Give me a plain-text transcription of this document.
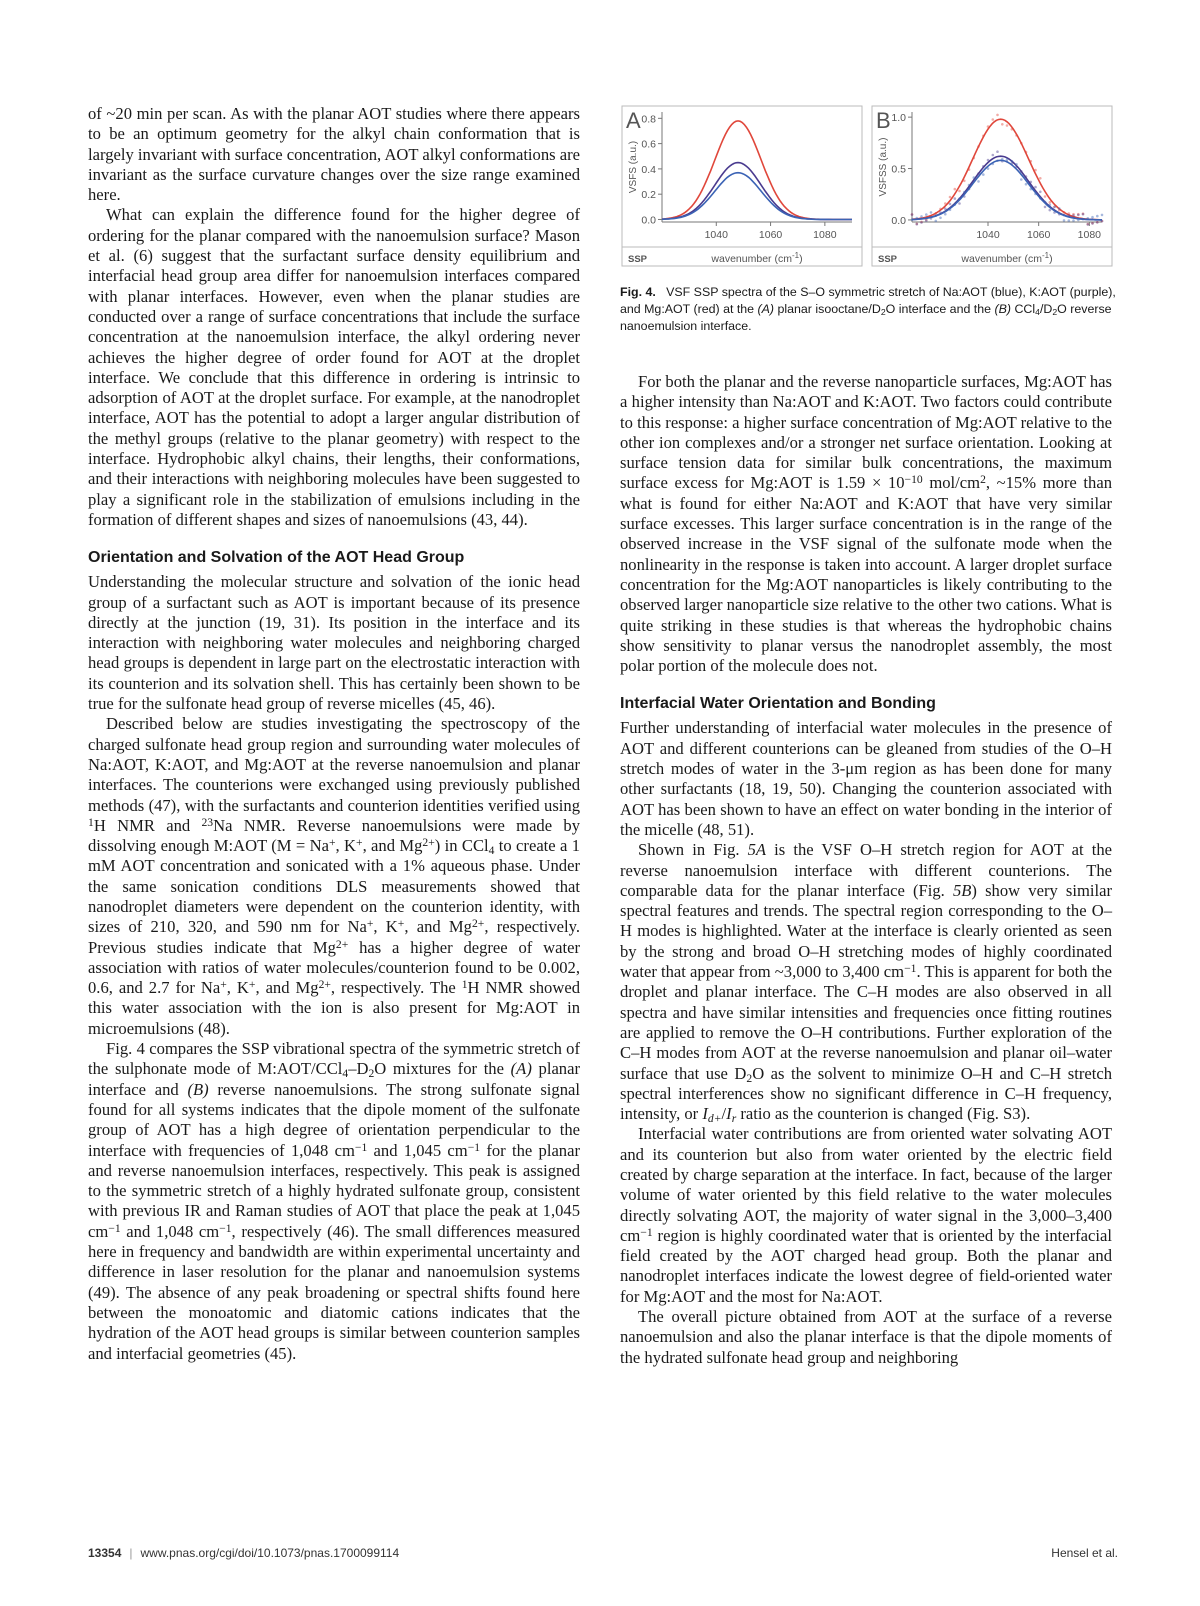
of ~20 min per scan. As with the planar AOT studies where there appears to be an optimum geometry for the alkyl chain conformation that is largely invariant with surface concentration, AOT alkyl conformations are invariant as the surface curvature changes over the size range examined here.

What can explain the difference found for the higher degree of ordering for the planar compared with the nanoemulsion surface? Mason et al. (6) suggest that the surfactant surface density equilibrium and interfacial head group area differ for nanoemulsion interfaces compared with planar interfaces. However, even when the planar studies are conducted over a range of surface concentrations that include the surface concentration at the nanoemulsion interface, the alkyl ordering never achieves the higher degree of order found for AOT at the droplet interface. We conclude that this difference in ordering is intrinsic to adsorption of AOT at the droplet surface. For example, at the nanodroplet interface, AOT has the potential to adopt a larger angular distribution of the methyl groups (relative to the planar geometry) with respect to the interface. Hydrophobic alkyl chains, their lengths, their conformations, and their interactions with neighboring molecules have been suggested to play a significant role in the stabilization of emulsions including in the formation of different shapes and sizes of nanoemulsions (43, 44).

Orientation and Solvation of the AOT Head Group

Understanding the molecular structure and solvation of the ionic head group of a surfactant such as AOT is important because of its presence directly at the junction (19, 31). Its position in the interface and its interaction with neighboring water molecules and neighboring charged head groups is dependent in large part on the electrostatic interaction with its counterion and its solvation shell. This has certainly been shown to be true for the sulfonate head group of reverse micelles (45, 46).

Described below are studies investigating the spectroscopy of the charged sulfonate head group region and surrounding water molecules of Na:AOT, K:AOT, and Mg:AOT at the reverse nanoemulsion and planar interfaces. The counterions were exchanged using previously published methods (47), with the surfactants and counterion identities verified using $^1$H NMR and $^{23}$Na NMR. Reverse nanoemulsions were made by dissolving enough M:AOT (M = Na+, K+, and $Mg^{2+}$) in CCl$_4$ to create a 1 mM AOT concentration and sonicated with a 1% aqueous phase. Under the same sonication conditions DLS measurements showed that nanodroplet diameters were dependent on the counterion identity, with sizes of 210, 320, and 590 nm for Na+, K+, and $Mg^{2+}$, respectively. Previous studies indicate that $Mg^{2+}$ has a higher degree of water association with ratios of water molecules/counterion found to be 0.002, 0.6, and 2.7 for Na+, K+, and $Mg^{2+}$, respectively. The $^1$H NMR showed this water association with the ion is also present for Mg:AOT in microemulsions (48).

Fig. 4 compares the SSP vibrational spectra of the symmetric stretch of the sulphonate mode of $M:AOT/CCl_4-D_2O$ mixtures for the (A) planar interface and (B) reverse nanoemulsions. The strong sulfonate signal found for all systems indicates that the dipole moment of the sulfonate group of AOT has a high degree of orientation perpendicular to the interface with frequencies of 1,048 $cm^{-1}$ and 1,045 $cm^{-1}$ for the planar and reverse nanoemulsion interfaces, respectively. This peak is assigned to the symmetric stretch of a highly hydrated sulfonate group, consistent with previous IR and Raman studies of AOT that place the peak at 1,045 $cm^{-1}$ and 1,048 $cm^{-1}$, respectively (46). The small differences measured here in frequency and bandwidth are within experimental uncertainty and difference in laser resolution for the planar and nanoemulsion systems (49). The absence of any peak broadening or spectral shifts found here between the monoatomic and diatomic cations indicates that the hydration of the AOT head groups is similar between counterion samples and interfacial geometries (45).

A
0.0
0.2
0.4
0.6
0.8
1040	1060	1080
VSFS (a.u.)
wavenumber $(cm^{-1})$
SSP
B
0.0
0.5
1.0
1040	1060	1080
VSFSS (a.u.)
wavenumber $(cm^{-1})$
SSP
Fig. 4. VSF SSP spectra of the S–O symmetric stretch of Na:AOT (blue), K:AOT (purple), and Mg:AOT (red) at the (A) planar isooctane/$D_2O$ interface and the (B) $CCl_4/D_2O$ reverse nanoemulsion interface.

For both the planar and the reverse nanoparticle surfaces, Mg:AOT has a higher intensity than Na:AOT and K:AOT. Two factors could contribute to this response: a higher surface concentration of Mg:AOT relative to the other ion complexes and/or a stronger net surface orientation. Looking at surface tension data for similar bulk concentrations, the maximum surface excess for Mg:AOT is $1.59 \times 10^{-10}$ mol/$cm^2$, ~15% more than what is found for either Na:AOT and K:AOT that have very similar surface excesses. This larger surface concentration is in the range of the observed increase in the VSF signal of the sulfonate mode when the nonlinearity in the response is taken into account. A larger droplet surface concentration for the Mg:AOT nanoparticles is likely contributing to the observed larger nanoparticle size relative to the other two cations. What is quite striking in these studies is that whereas the hydrophobic chains show sensitivity to planar versus the nanodroplet assembly, the most polar portion of the molecule does not.

Interfacial Water Orientation and Bonding

Further understanding of interfacial water molecules in the presence of AOT and different counterions can be gleaned from studies of the O–H stretch modes of water in the 3-μm region as has been done for many other surfactants (18, 19, 50). Changing the counterion associated with AOT has been shown to have an effect on water bonding in the interior of the micelle (48, 51).

Shown in Fig. 5A is the VSF O–H stretch region for AOT at the reverse nanoemulsion interface with different counterions. The comparable data for the planar interface (Fig. 5B) show very similar spectral features and trends. The spectral region corresponding to the O–H modes is highlighted. Water at the interface is clearly oriented as seen by the strong and broad O–H stretching modes of highly coordinated water that appear from ~3,000 to 3,400 $cm^{-1}$. This is apparent for both the droplet and planar interface. The C–H modes are also observed in all spectra and have similar intensities and frequencies once fitting routines are applied to remove the O–H contributions. Further exploration of the C–H modes from AOT at the reverse nanoemulsion and planar oil–water surface that use $D_2O$ as the solvent to minimize O–H and C–H stretch spectral interferences show no significant difference in C–H frequency, intensity, or $I_{d+}/I_r$ ratio as the counterion is changed (Fig. S3).

Interfacial water contributions are from oriented water solvating AOT and its counterion but also from water oriented by the electric field created by charge separation at the interface. In fact, because of the larger volume of water oriented by this field relative to the water molecules directly solvating AOT, the majority of water signal in the 3,000–3,400 $cm^{-1}$ region is highly coordinated water that is oriented by the interfacial field created by the AOT charged head group. Both the planar and nanodroplet interfaces indicate the lowest degree of field-oriented water for Mg:AOT and the most for Na:AOT.

The overall picture obtained from AOT at the surface of a reverse nanoemulsion and also the planar interface is that the dipole moments of the hydrated sulfonate head group and neighboring

13354 | www.pnas.org/cgi/doi/10.1073/pnas.1700099114	Hensel et al.
